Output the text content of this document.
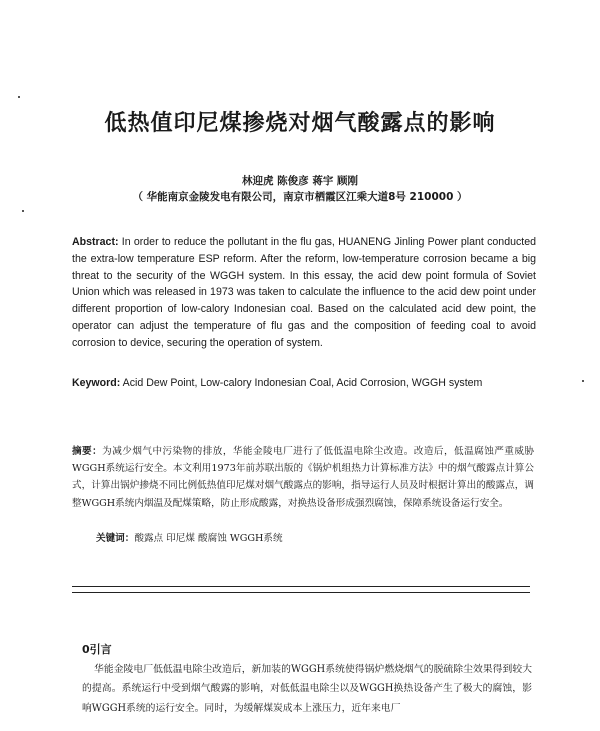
低热值印尼煤掺烧对烟气酸露点的影响
林迎虎 陈俊彦 蒋宇 顾刚
（ 华能南京金陵发电有限公司，南京市栖霞区江乘大道8号 210000 ）
Abstract: In order to reduce the pollutant in the flu gas, HUANENG Jinling Power plant conducted the extra-low temperature ESP reform. After the reform, low-temperature corrosion became a big threat to the security of the WGGH system. In this essay, the acid dew point formula of Soviet Union which was released in 1973 was taken to calculate the influence to the acid dew point under different proportion of low-calory Indonesian coal. Based on the calculated acid dew point, the operator can adjust the temperature of flu gas and the composition of feeding coal to avoid corrosion to device, securing the operation of system.
Keyword: Acid Dew Point, Low-calory Indonesian Coal, Acid Corrosion, WGGH system
摘要：为减少烟气中污染物的排放，华能金陵电厂进行了低低温电除尘改造。改造后，低温腐蚀严重威胁WGGH系统运行安全。本文利用1973年前苏联出版的《锅炉机组热力计算标准方法》中的烟气酸露点计算公式，计算出锅炉掺烧不同比例低热值印尼煤对烟气酸露点的影响，指导运行人员及时根据计算出的酸露点，调整WGGH系统内烟温及配煤策略，防止形成酸露，对换热设备形成强烈腐蚀，保障系统设备运行安全。
关键词：酸露点 印尼煤 酸腐蚀 WGGH系统
0引言
华能金陵电厂低低温电除尘改造后，新加装的WGGH系统使得锅炉燃烧烟气的脱硫除尘效果得到较大的提高。系统运行中受到烟气酸露的影响，对低低温电除尘以及WGGH换热设备产生了极大的腐蚀，影响WGGH系统的运行安全。同时，为缓解煤炭成本上涨压力，近年来电厂
